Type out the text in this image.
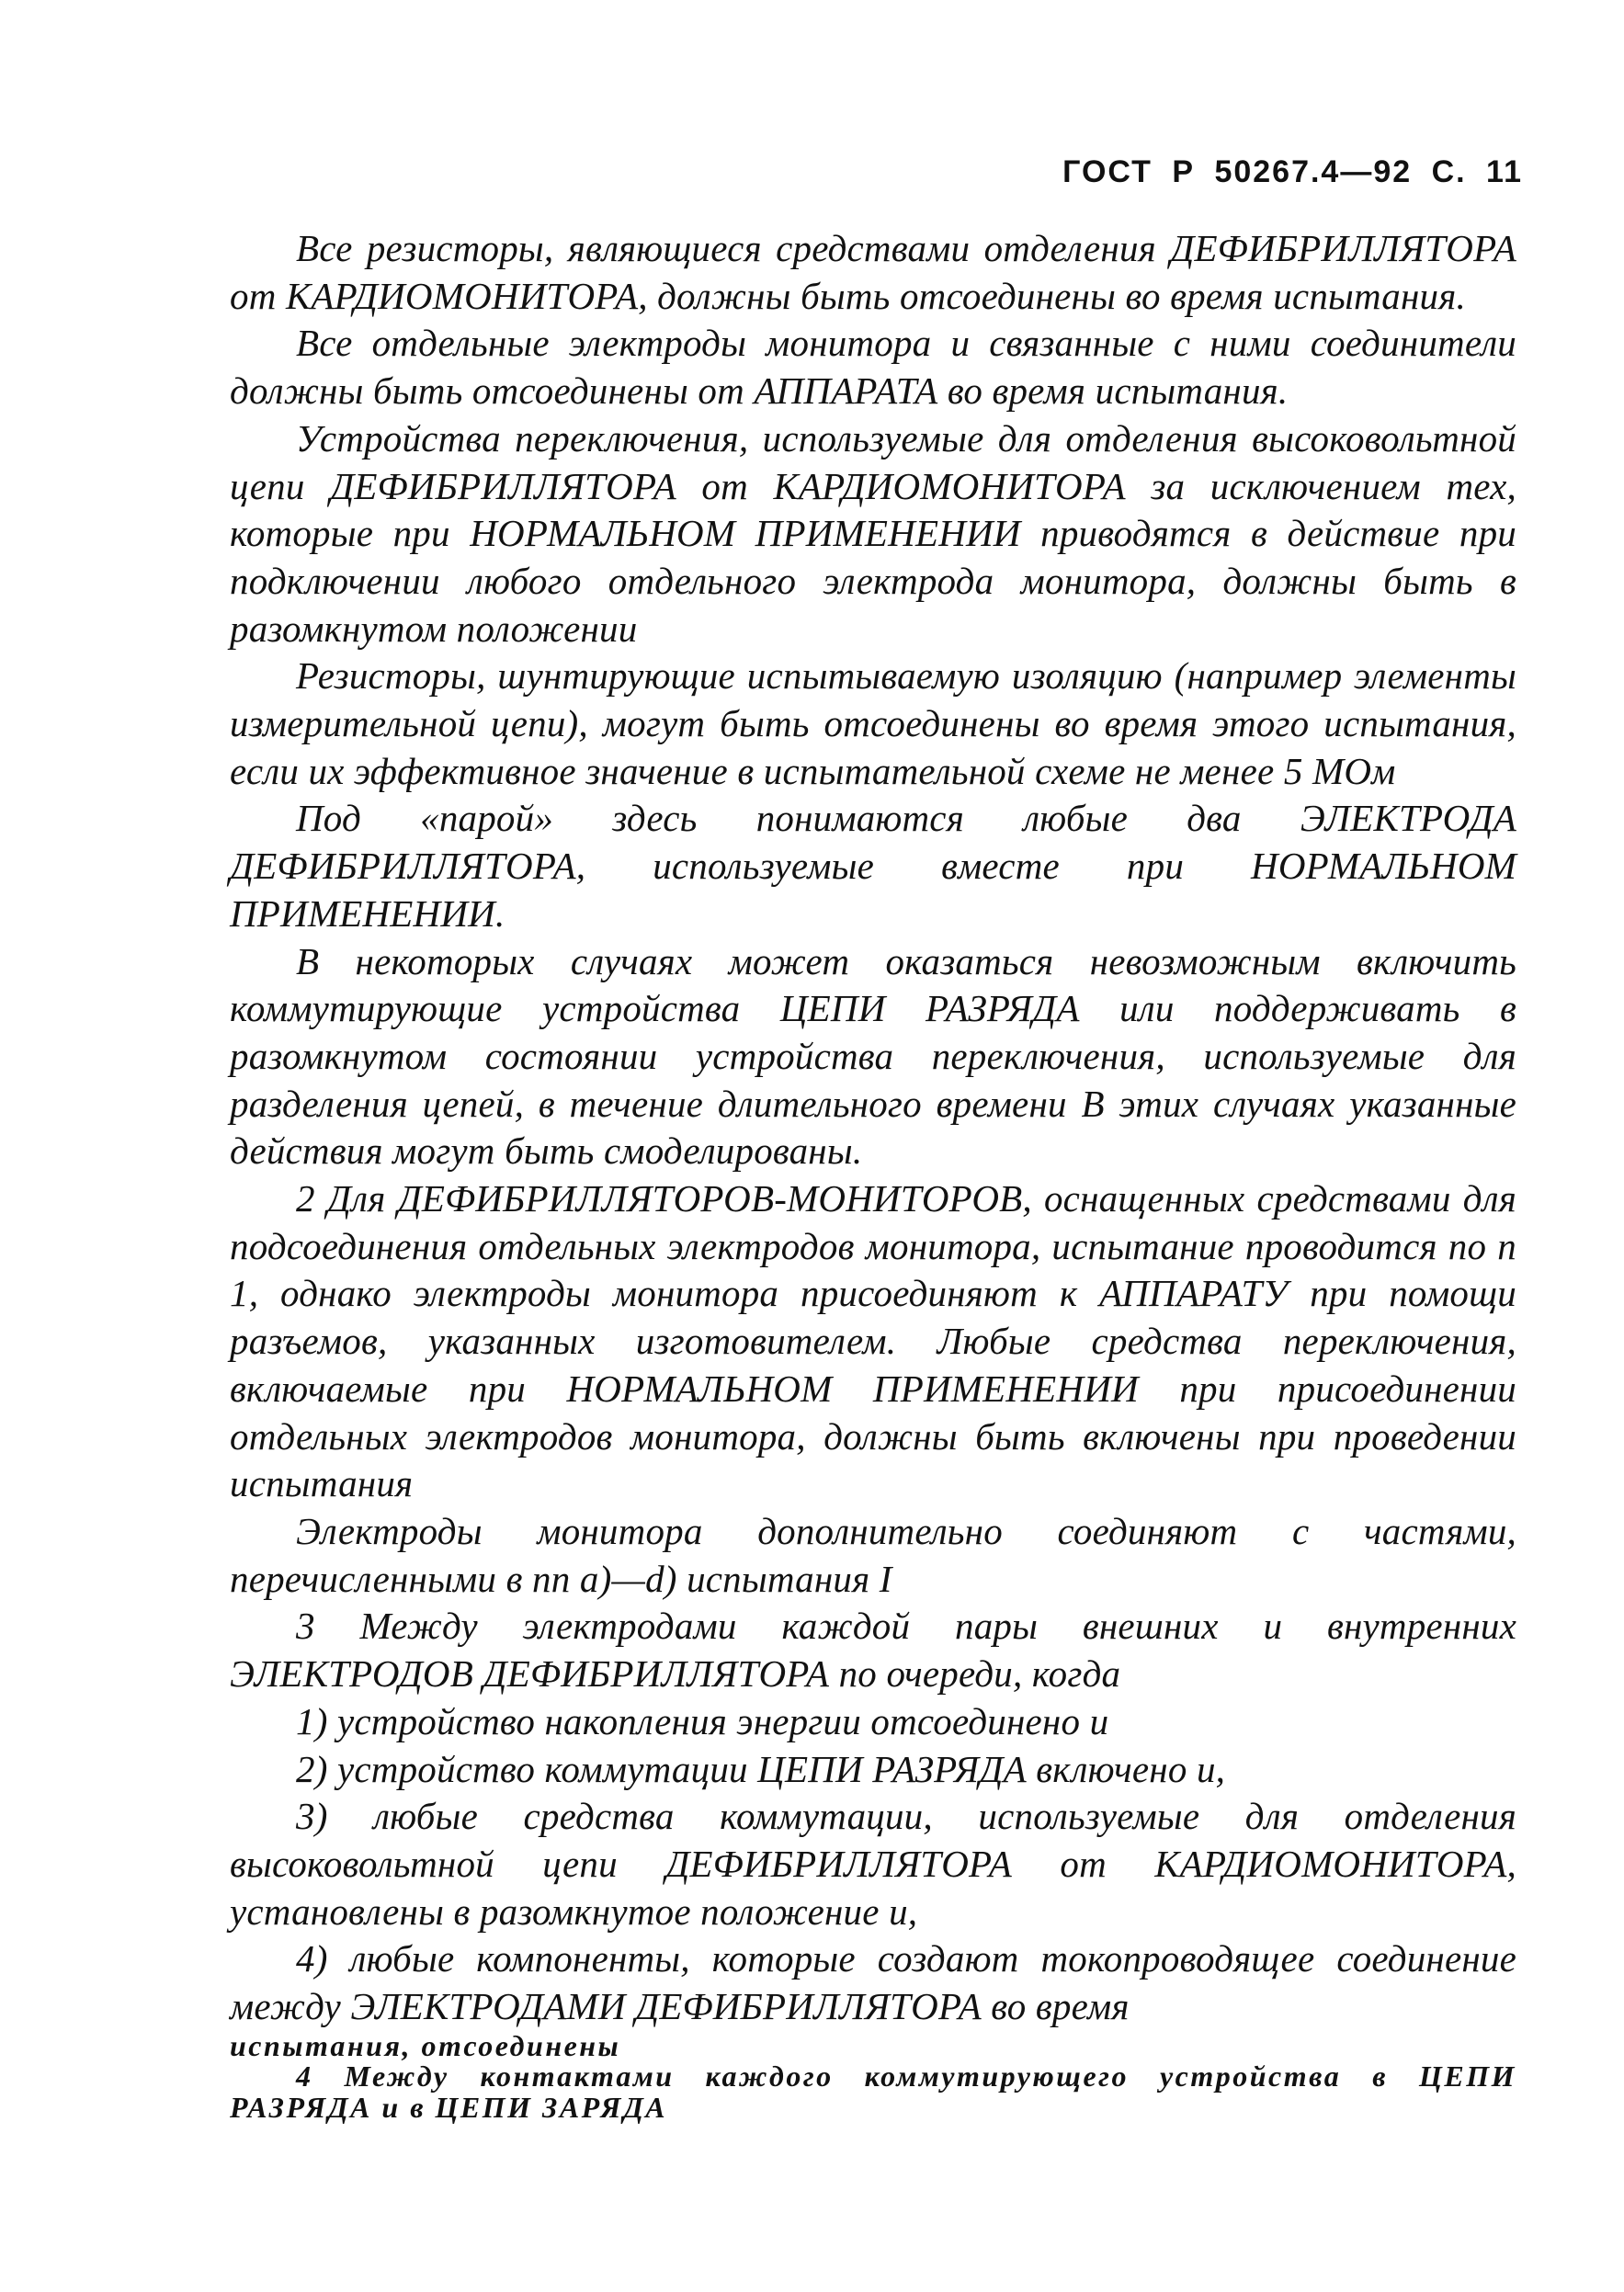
ГОСТ Р 50267.4—92 С. 11

Все резисторы, являющиеся средствами отделения ДЕФИБРИЛЛЯТОРА от КАРДИОМОНИТОРА, должны быть отсоединены во время испытания.

Все отдельные электроды монитора и связанные с ними соединители должны быть отсоединены от АППАРАТА во время испытания.

Устройства переключения, используемые для отделения высоковольтной цепи ДЕФИБРИЛЛЯТОРА от КАРДИОМОНИТОРА за исключением тех, которые при НОРМАЛЬНОМ ПРИМЕНЕНИИ приводятся в действие при подключении любого отдельного электрода монитора, должны быть в разомкнутом положении

Резисторы, шунтирующие испытываемую изоляцию (например элементы измерительной цепи), могут быть отсоединены во время этого испытания, если их эффективное значение в испытательной схеме не менее 5 МОм

Под «парой» здесь понимаются любые два ЭЛЕКТРОДА ДЕФИБРИЛЛЯТОРА, используемые вместе при НОРМАЛЬНОМ ПРИМЕНЕНИИ.

В некоторых случаях может оказаться невозможным включить коммутирующие устройства ЦЕПИ РАЗРЯДА или поддерживать в разомкнутом состоянии устройства переключения, используемые для разделения цепей, в течение длительного времени В этих случаях указанные действия могут быть смоделированы.

2 Для ДЕФИБРИЛЛЯТОРОВ-МОНИТОРОВ, оснащенных средствами для подсоединения отдельных электродов монитора, испытание проводится по п 1, однако электроды монитора присоединяют к АППАРАТУ при помощи разъемов, указанных изготовителем. Любые средства переключения, включаемые при НОРМАЛЬНОМ ПРИМЕНЕНИИ при присоединении отдельных электродов монитора, должны быть включены при проведении испытания

Электроды монитора дополнительно соединяют с частями, перечисленными в пп a)—d) испытания I

3 Между электродами каждой пары внешних и внутренних ЭЛЕКТРОДОВ ДЕФИБРИЛЛЯТОРА по очереди, когда

1) устройство накопления энергии отсоединено и

2) устройство коммутации ЦЕПИ РАЗРЯДА включено и,

3) любые средства коммутации, используемые для отделения высоковольтной цепи ДЕФИБРИЛЛЯТОРА от КАРДИОМОНИТОРА, установлены в разомкнутое положение и,

4) любые компоненты, которые создают токопроводящее соединение между ЭЛЕКТРОДАМИ ДЕФИБРИЛЛЯТОРА во время

испытания, отсоединены

4 Между контактами каждого коммутирующего устройства в ЦЕПИ РАЗРЯДА и в ЦЕПИ ЗАРЯДА
